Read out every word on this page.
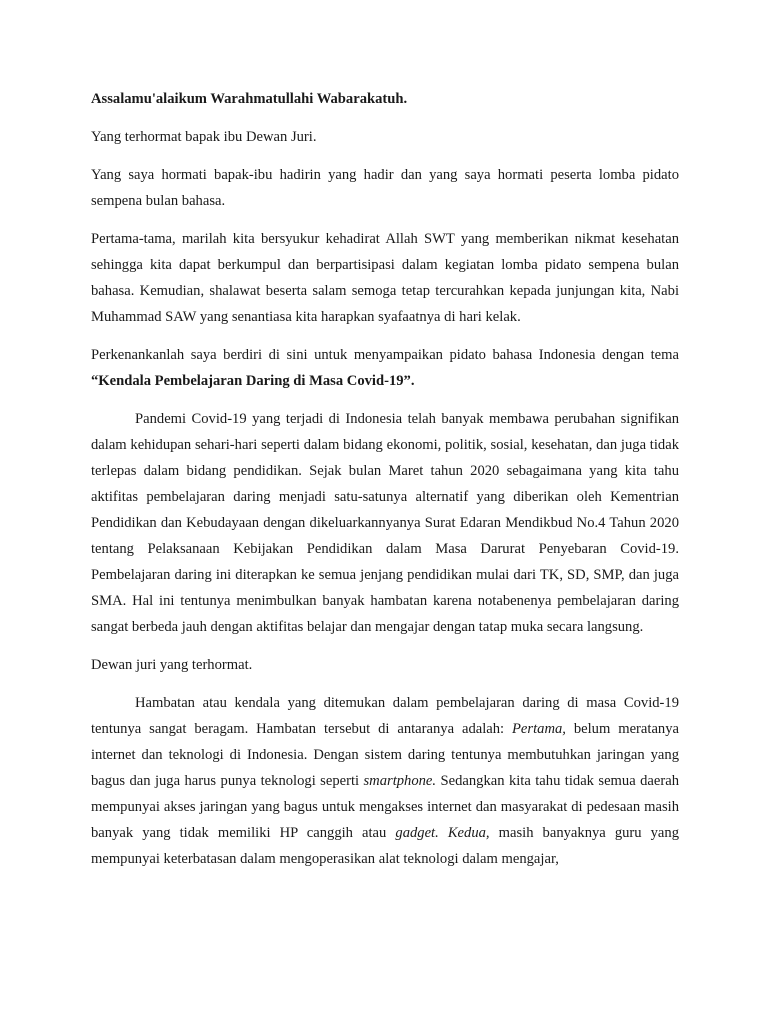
Assalamu'alaikum Warahmatullahi Wabarakatuh.

Yang terhormat bapak ibu Dewan Juri.

Yang saya hormati bapak-ibu hadirin yang hadir dan yang saya hormati peserta lomba pidato sempena bulan bahasa.

Pertama-tama, marilah kita bersyukur kehadirat Allah SWT yang memberikan nikmat kesehatan sehingga kita dapat berkumpul dan berpartisipasi dalam kegiatan lomba pidato sempena bulan bahasa. Kemudian, shalawat beserta salam semoga tetap tercurahkan kepada junjungan kita, Nabi Muhammad SAW yang senantiasa kita harapkan syafaatnya di hari kelak.

Perkenankanlah saya berdiri di sini untuk menyampaikan pidato bahasa Indonesia dengan tema “Kendala Pembelajaran Daring di Masa Covid-19”.

Pandemi Covid-19 yang terjadi di Indonesia telah banyak membawa perubahan signifikan dalam kehidupan sehari-hari seperti dalam bidang ekonomi, politik, sosial, kesehatan, dan juga tidak terlepas dalam bidang pendidikan. Sejak bulan Maret tahun 2020 sebagaimana yang kita tahu aktifitas pembelajaran daring menjadi satu-satunya alternatif yang diberikan oleh Kementrian Pendidikan dan Kebudayaan dengan dikeluarkannyanya Surat Edaran Mendikbud No.4 Tahun 2020 tentang Pelaksanaan Kebijakan Pendidikan dalam Masa Darurat Penyebaran Covid-19. Pembelajaran daring ini diterapkan ke semua jenjang pendidikan mulai dari TK, SD, SMP, dan juga SMA. Hal ini tentunya menimbulkan banyak hambatan karena notabenenya pembelajaran daring sangat berbeda jauh dengan aktifitas belajar dan mengajar dengan tatap muka secara langsung.

Dewan juri yang terhormat.

Hambatan atau kendala yang ditemukan dalam pembelajaran daring di masa Covid-19 tentunya sangat beragam. Hambatan tersebut di antaranya adalah: Pertama, belum meratanya internet dan teknologi di Indonesia. Dengan sistem daring tentunya membutuhkan jaringan yang bagus dan juga harus punya teknologi seperti smartphone. Sedangkan kita tahu tidak semua daerah mempunyai akses jaringan yang bagus untuk mengakses internet dan masyarakat di pedesaan masih banyak yang tidak memiliki HP canggih atau gadget. Kedua, masih banyaknya guru yang mempunyai keterbatasan dalam mengoperasikan alat teknologi dalam mengajar,
